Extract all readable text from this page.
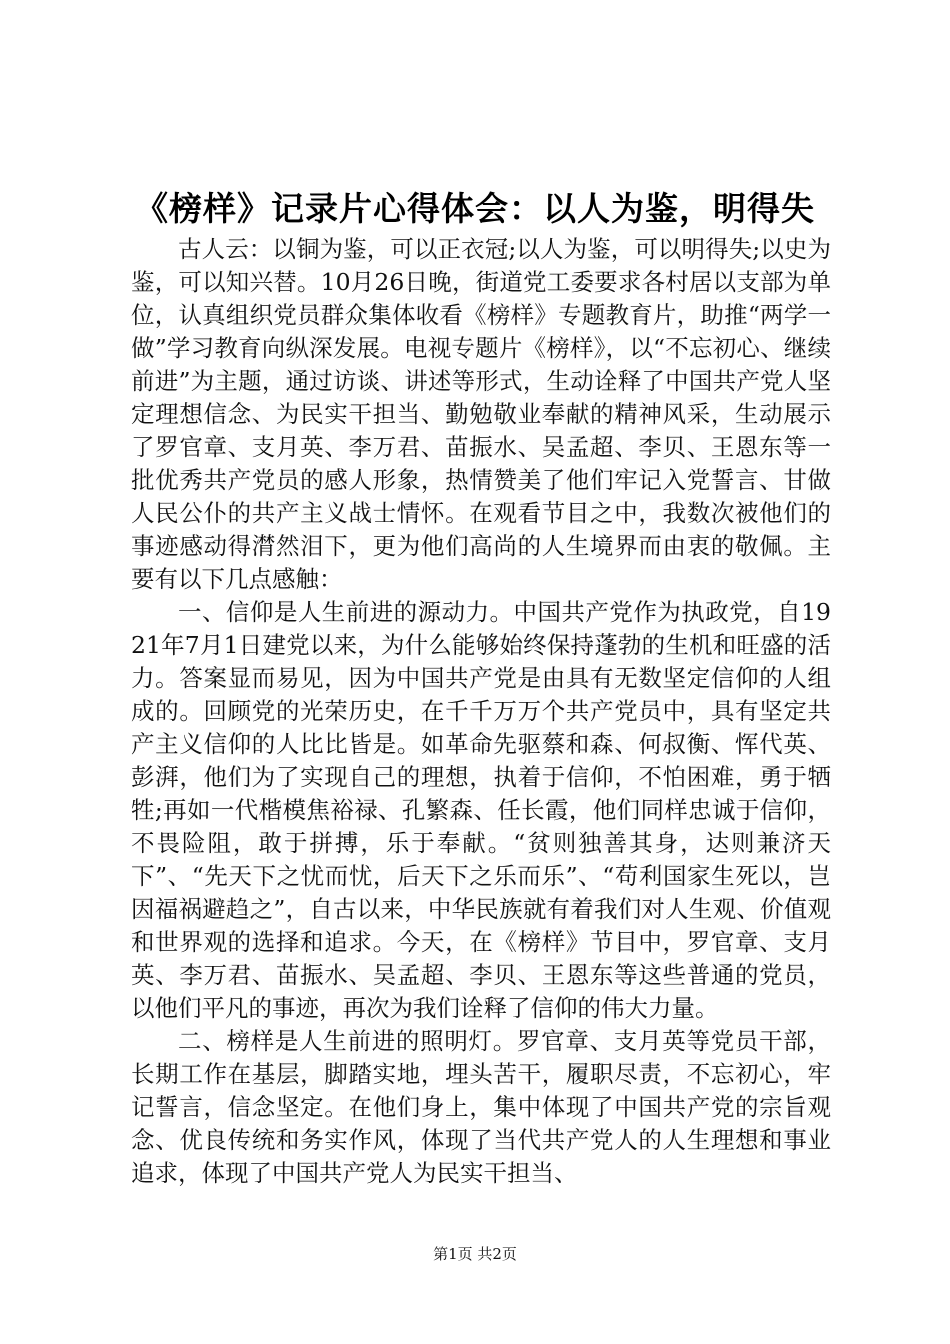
《榜样》记录片心得体会：以人为鉴，明得失

古人云：以铜为鉴，可以正衣冠;以人为鉴，可以明得失;以史为鉴，可以知兴替。10月26日晚，街道党工委要求各村居以支部为单位，认真组织党员群众集体收看《榜样》专题教育片，助推“两学一做”学习教育向纵深发展。电视专题片《榜样》，以“不忘初心、继续前进”为主题，通过访谈、讲述等形式，生动诠释了中国共产党人坚定理想信念、为民实干担当、勤勉敬业奉献的精神风采，生动展示了罗官章、支月英、李万君、苗振水、吴孟超、李贝、王恩东等一批优秀共产党员的感人形象，热情赞美了他们牢记入党誓言、甘做人民公仆的共产主义战士情怀。在观看节目之中，我数次被他们的事迹感动得潸然泪下，更为他们高尚的人生境界而由衷的敬佩。主要有以下几点感触：

一、信仰是人生前进的源动力。中国共产党作为执政党，自1921年7月1日建党以来，为什么能够始终保持蓬勃的生机和旺盛的活力。答案显而易见，因为中国共产党是由具有无数坚定信仰的人组成的。回顾党的光荣历史，在千千万万个共产党员中，具有坚定共产主义信仰的人比比皆是。如革命先驱蔡和森、何叔衡、恽代英、彭湃，他们为了实现自己的理想，执着于信仰，不怕困难，勇于牺牲;再如一代楷模焦裕禄、孔繁森、任长霞，他们同样忠诚于信仰，不畏险阻，敢于拼搏，乐于奉献。“贫则独善其身，达则兼济天下”、“先天下之忧而忧，后天下之乐而乐”、“苟利国家生死以，岂因福祸避趋之”，自古以来，中华民族就有着我们对人生观、价值观和世界观的选择和追求。今天，在《榜样》节目中，罗官章、支月英、李万君、苗振水、吴孟超、李贝、王恩东等这些普通的党员，以他们平凡的事迹，再次为我们诠释了信仰的伟大力量。

二、榜样是人生前进的照明灯。罗官章、支月英等党员干部，长期工作在基层，脚踏实地，埋头苦干，履职尽责，不忘初心，牢记誓言，信念坚定。在他们身上，集中体现了中国共产党的宗旨观念、优良传统和务实作风，体现了当代共产党人的人生理想和事业追求，体现了中国共产党人为民实干担当、

第1页 共2页
